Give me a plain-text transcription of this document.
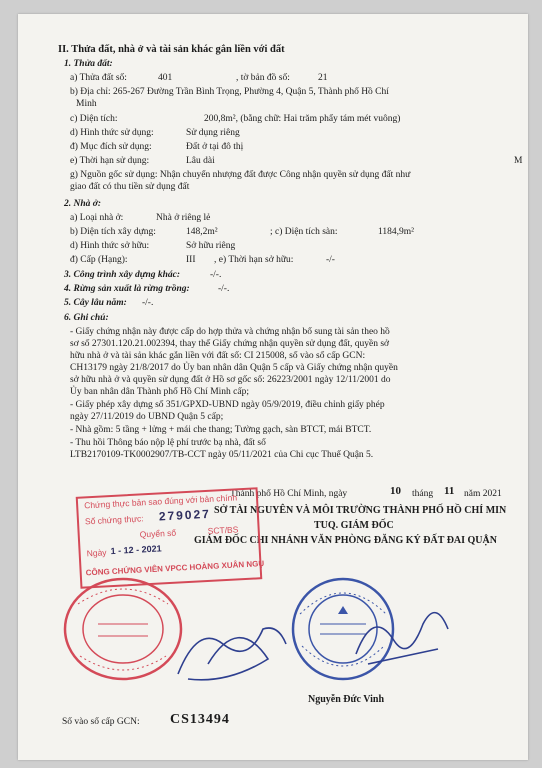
II. Thửa đất, nhà ở và tài sản khác gắn liền với đất
1. Thửa đất:
a) Thửa đất số:	401	, tờ bản đồ số:	21
b) Địa chỉ: 265-267 Đường Trần Bình Trọng, Phường 4, Quận 5, Thành phố Hồ Chí
Minh
c) Diện tích:	200,8m², (bằng chữ: Hai trăm phẩy tám mét vuông)
d) Hình thức sử dụng:	Sử dụng riêng
đ) Mục đích sử dụng:	Đất ở tại đô thị
e) Thời hạn sử dụng:	Lâu dài	M
g) Nguồn gốc sử dụng: Nhận chuyển nhượng đất được Công nhận quyền sử dụng đất như
giao đất có thu tiền sử dụng đất
2. Nhà ở:
a) Loại nhà ở:	Nhà ở riêng lẻ
b) Diện tích xây dựng:	148,2m²	; c) Diện tích sàn:	1184,9m²
d) Hình thức sở hữu:	Sở hữu riêng
đ) Cấp (Hạng):	III , e) Thời hạn sở hữu:	-/-
3. Công trình xây dựng khác:	-/-.
4. Rừng sản xuất là rừng trồng:	-/-.
5. Cây lâu năm: -/-.
6. Ghi chú:
- Giấy chứng nhận này được cấp do hợp thửa và chứng nhận bổ sung tài sản theo hồ
sơ số 27301.120.21.002394, thay thế Giấy chứng nhận quyền sử dụng đất, quyền sở
hữu nhà ở và tài sản khác gắn liền với đất số: CI 215008, số vào sổ cấp GCN:
CH13179 ngày 21/8/2017 do Ủy ban nhân dân Quận 5 cấp và Giấy chứng nhận quyền
sở hữu nhà ở và quyền sử dụng đất ở Hồ sơ gốc số: 26223/2001 ngày 12/11/2001 do
Ủy ban nhân dân Thành phố Hồ Chí Minh cấp;
- Giấy phép xây dựng số 351/GPXD-UBND ngày 05/9/2019, điều chỉnh giấy phép
ngày 27/11/2019 do UBND Quận 5 cấp;
- Nhà gồm: 5 tầng + lửng + mái che thang; Tường gạch, sàn BTCT, mái BTCT.
- Thu hồi Thông báo nộp lệ phí trước bạ nhà, đất số
LTB2170109-TK0002907/TB-CCT ngày 05/11/2021 của Chi cục Thuế Quận 5.
Thành phố Hồ Chí Minh, ngày	10 tháng 11 năm 2021
SỞ TÀI NGUYÊN VÀ MÔI TRƯỜNG THÀNH PHỐ HỒ CHÍ MIN
TUQ. GIÁM ĐỐC
GIÁM ĐỐC CHI NHÁNH VĂN PHÒNG ĐĂNG KÝ ĐẤT ĐAI QUẬN
Chứng thực bản sao đúng với bản chính
Số chứng thực: 279027
Quyển số	SCT/BS
Ngày 1 - 12 - 2021
CÔNG CHỨNG VIÊN VPCC HOÀNG XUÂN NGỤ
Nguyễn Đức Vinh
Số vào sổ cấp GCN: CS13494
